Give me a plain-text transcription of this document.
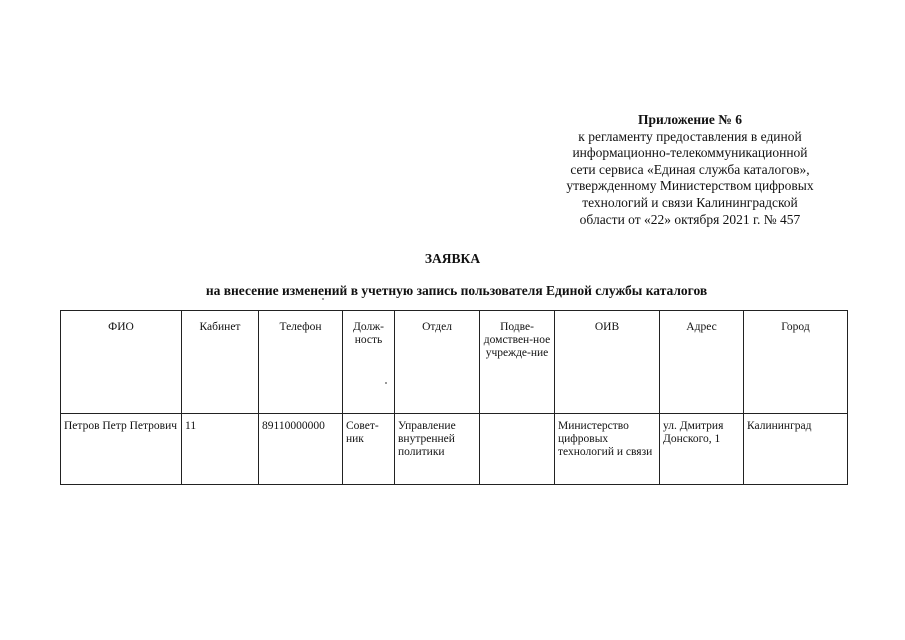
Приложение № 6
к регламенту предоставления в единой
информационно-телекоммуникационной
сети сервиса «Единая служба каталогов»,
утвержденному Министерством цифровых
технологий и связи Калининградской
области от «22» октября 2021 г. № 457
ЗАЯВКА
на внесение изменений в учетную запись пользователя Единой службы каталогов
ФИО	Кабинет	Телефон	Долж-ность	Отдел	Подве-домствен-ное учрежде-ние	ОИВ	Адрес	Город
Петров Петр Петрович	11	89110000000	Совет-ник	Управление внутренней политики		Министерство цифровых технологий и связи	ул. Дмитрия Донского, 1	Калининград
